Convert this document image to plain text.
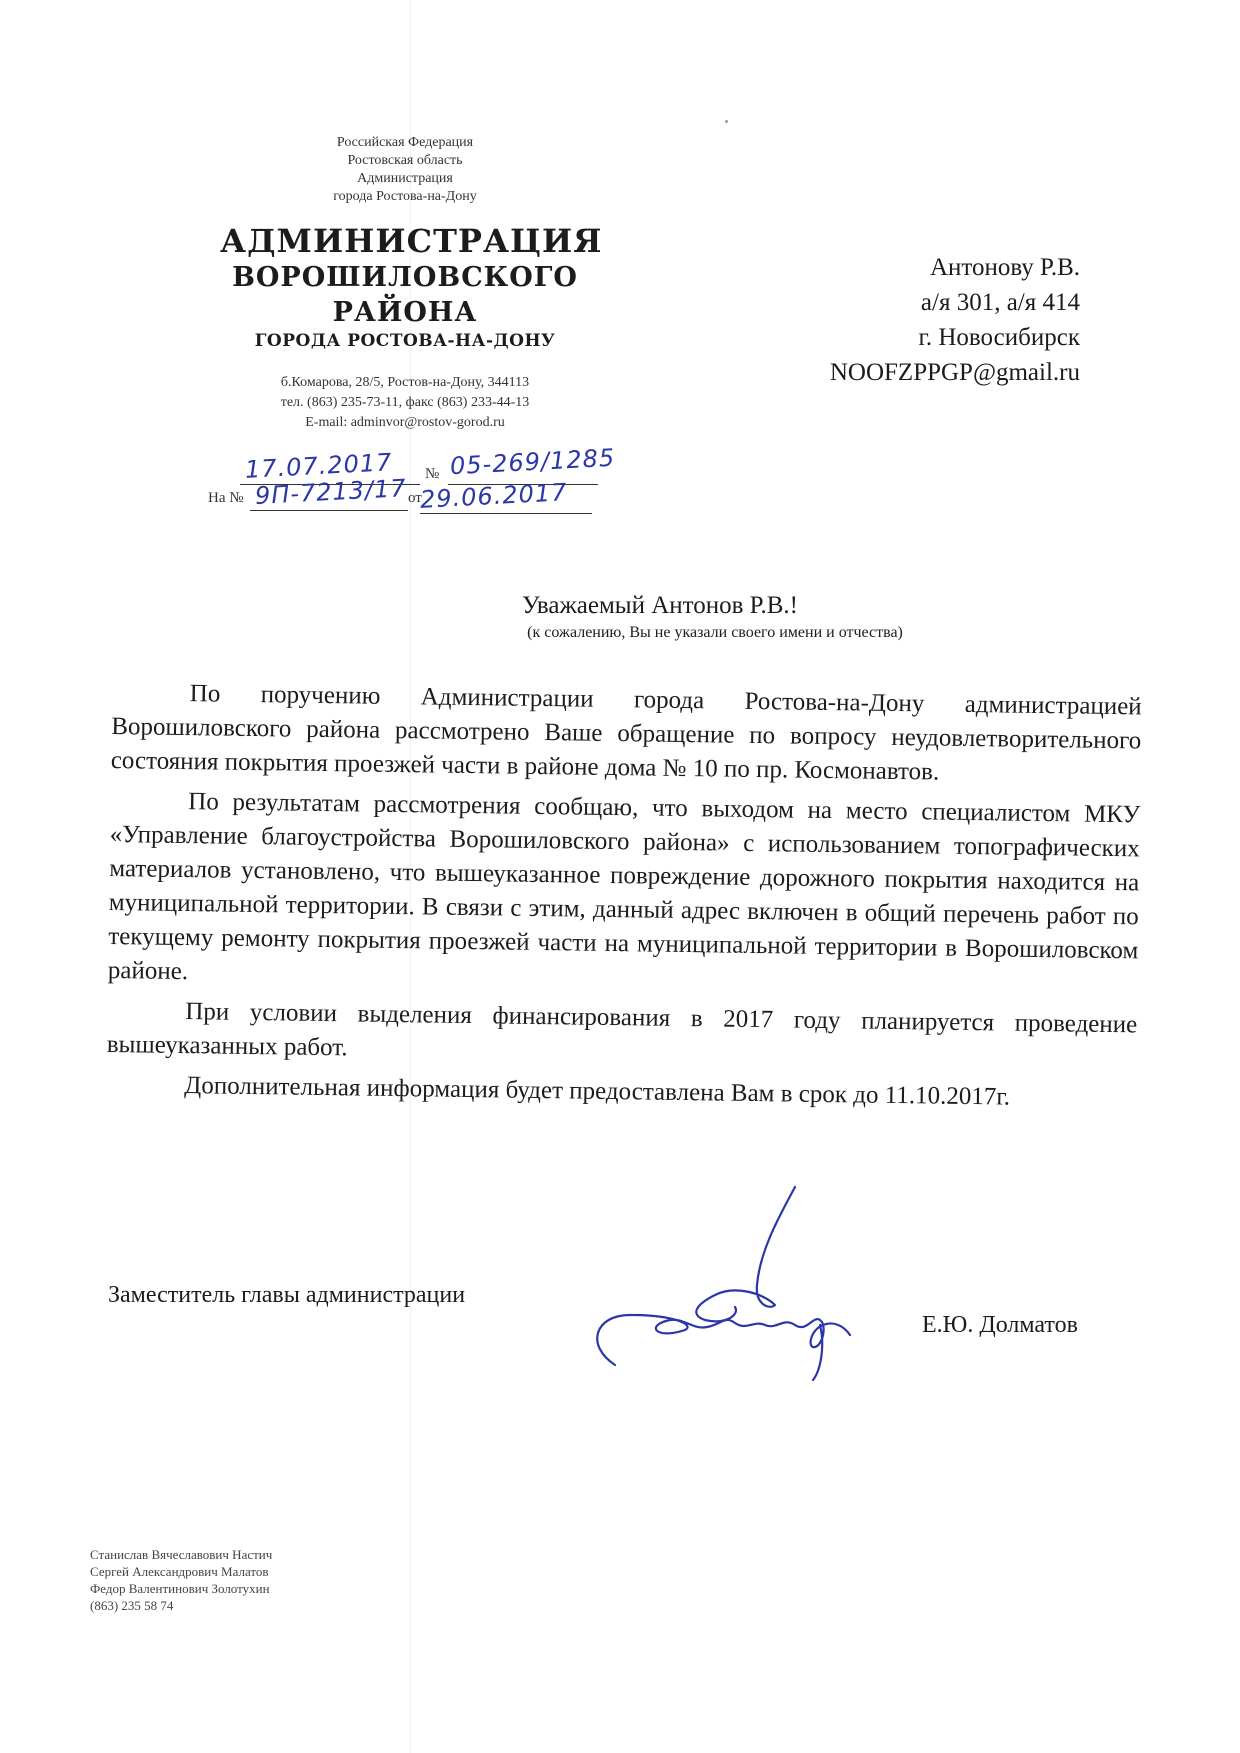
Российская Федерация
Ростовская область
Администрация
города Ростова-на-Дону
АДМИНИСТРАЦИЯ
ВОРОШИЛОВСКОГО
РАЙОНА
ГОРОДА РОСТОВА-НА-ДОНУ
б.Комарова, 28/5, Ростов-на-Дону, 344113
тел. (863) 235-73-11, факс (863) 233-44-13
E-mail: adminvor@rostov-gorod.ru
17.07.2017 № 05-269/1285
На № 9П-7213/17 от
29.06.2017
Антонову Р.В.
а/я 301, а/я 414
г. Новосибирск
NOOFZPPGP@gmail.ru
Уважаемый Антонов Р.В.!
(к сожалению, Вы не указали своего имени и отчества)

По поручению Администрации города Ростова-на-Дону администрацией Ворошиловского района рассмотрено Ваше обращение по вопросу неудовлетворительного состояния покрытия проезжей части в районе дома № 10 по пр. Космонавтов.

По результатам рассмотрения сообщаю, что выходом на место специалистом МКУ «Управление благоустройства Ворошиловского района» с использованием топографических материалов установлено, что вышеуказанное повреждение дорожного покрытия находится на муниципальной территории. В связи с этим, данный адрес включен в общий перечень работ по текущему ремонту покрытия проезжей части на муниципальной территории в Ворошиловском районе.

При условии выделения финансирования в 2017 году планируется проведение вышеуказанных работ.

Дополнительная информация будет предоставлена Вам в срок до 11.10.2017г.

Заместитель главы администрации
Е.Ю. Долматов
Станислав Вячеславович Настич
Сергей Александрович Малатов
Федор Валентинович Золотухин
(863) 235 58 74
